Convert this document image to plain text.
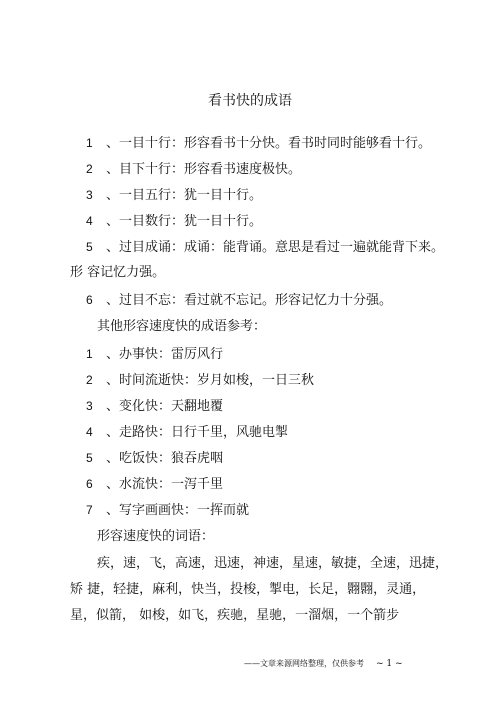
看书快的成语
1 、一目十行：形容看书十分快。看书时同时能够看十行。
2 、目下十行：形容看书速度极快。
3 、一目五行：犹一目十行。
4 、一目数行：犹一目十行。
5 、过目成诵：成诵：能背诵。意思是看过一遍就能背下来。
形 容记忆力强。
6 、过目不忘：看过就不忘记。形容记忆力十分强。
其他形容速度快的成语参考：
1 、办事快：雷厉风行
2 、时间流逝快：岁月如梭，一日三秋
3 、变化快：天翻地覆
4 、走路快：日行千里，风驰电掣
5 、吃饭快：狼吞虎咽
6 、水流快：一泻千里
7 、写字画画快：一挥而就
形容速度快的词语：
疾，速，飞，高速，迅速，神速，星速，敏捷，全速，迅捷，
矫 捷，轻捷，麻利，快当，投梭，掣电，长足，翾翾，灵通，
星，似箭， 如梭，如飞，疾驰，星驰，一溜烟，一个箭步
——文章来源网络整理，仅供参考 ~ 1 ~
